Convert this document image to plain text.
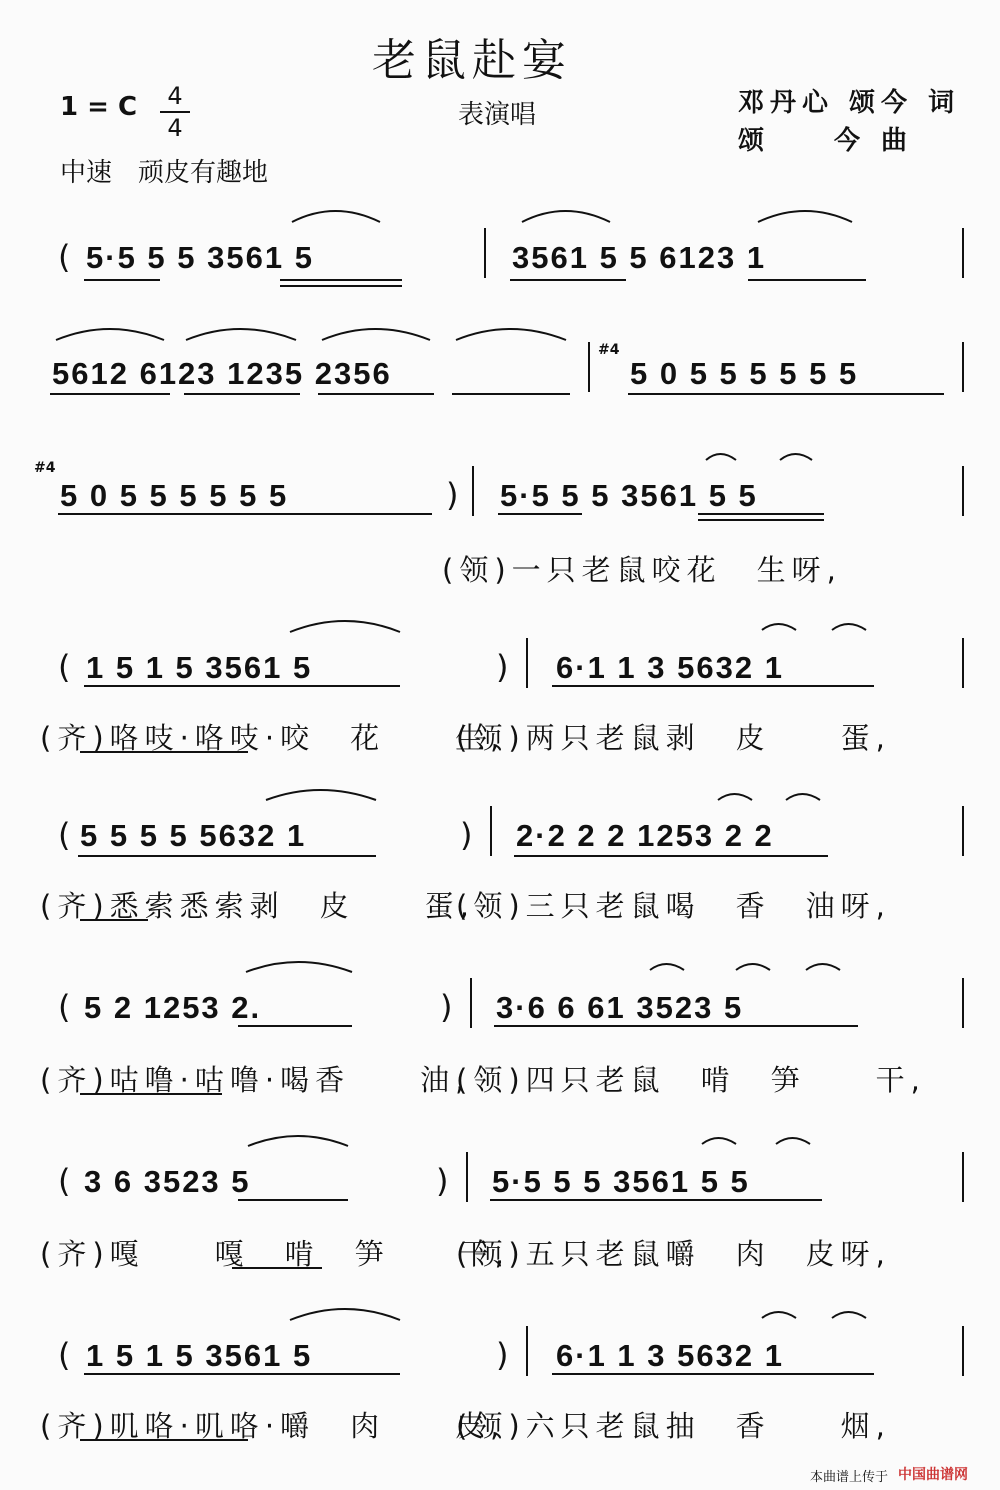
老鼠赴宴
1 = C	4
4	表演唱
中速　顽皮有趣地
邓丹心 颂今 词
颂　　今 曲
( 5·5 5 5 3561 5	3561 5 5 6123 1
5612 6123 1235 2356
#4
5 0 5 5 5 5 5 5
#4
5 0 5 5 5 5 5 5	) 5·5 5 5 3561 5 5
(领)一只老鼠咬花　生呀,
( 1 5 1 5 3561 5	) 6·1 1 3 5632 1
(齐)咯吱·咯吱·咬　花　　生,
(领)两只老鼠剥　皮　　蛋,
( 5 5 5 5 5632 1	) 2·2 2 2 1253 2 2
(齐)悉索悉索剥　皮　　蛋,
(领)三只老鼠喝　香　油呀,
( 5 2 1253 2.	) 3·6 6 61 3523 5
(齐)咕噜·咕噜·喝香　　油,
(领)四只老鼠　啃　笋　　干,
( 3 6 3523 5	) 5·5 5 5 3561 5 5
(齐)嘎　　嘎　啃　笋　　干,
(领)五只老鼠嚼　肉　皮呀,
( 1 5 1 5 3561 5	) 6·1 1 3 5632 1
(齐)叽咯·叽咯·嚼　肉　　皮,
(领)六只老鼠抽　香　　烟,
本曲谱上传于 中国曲谱网
